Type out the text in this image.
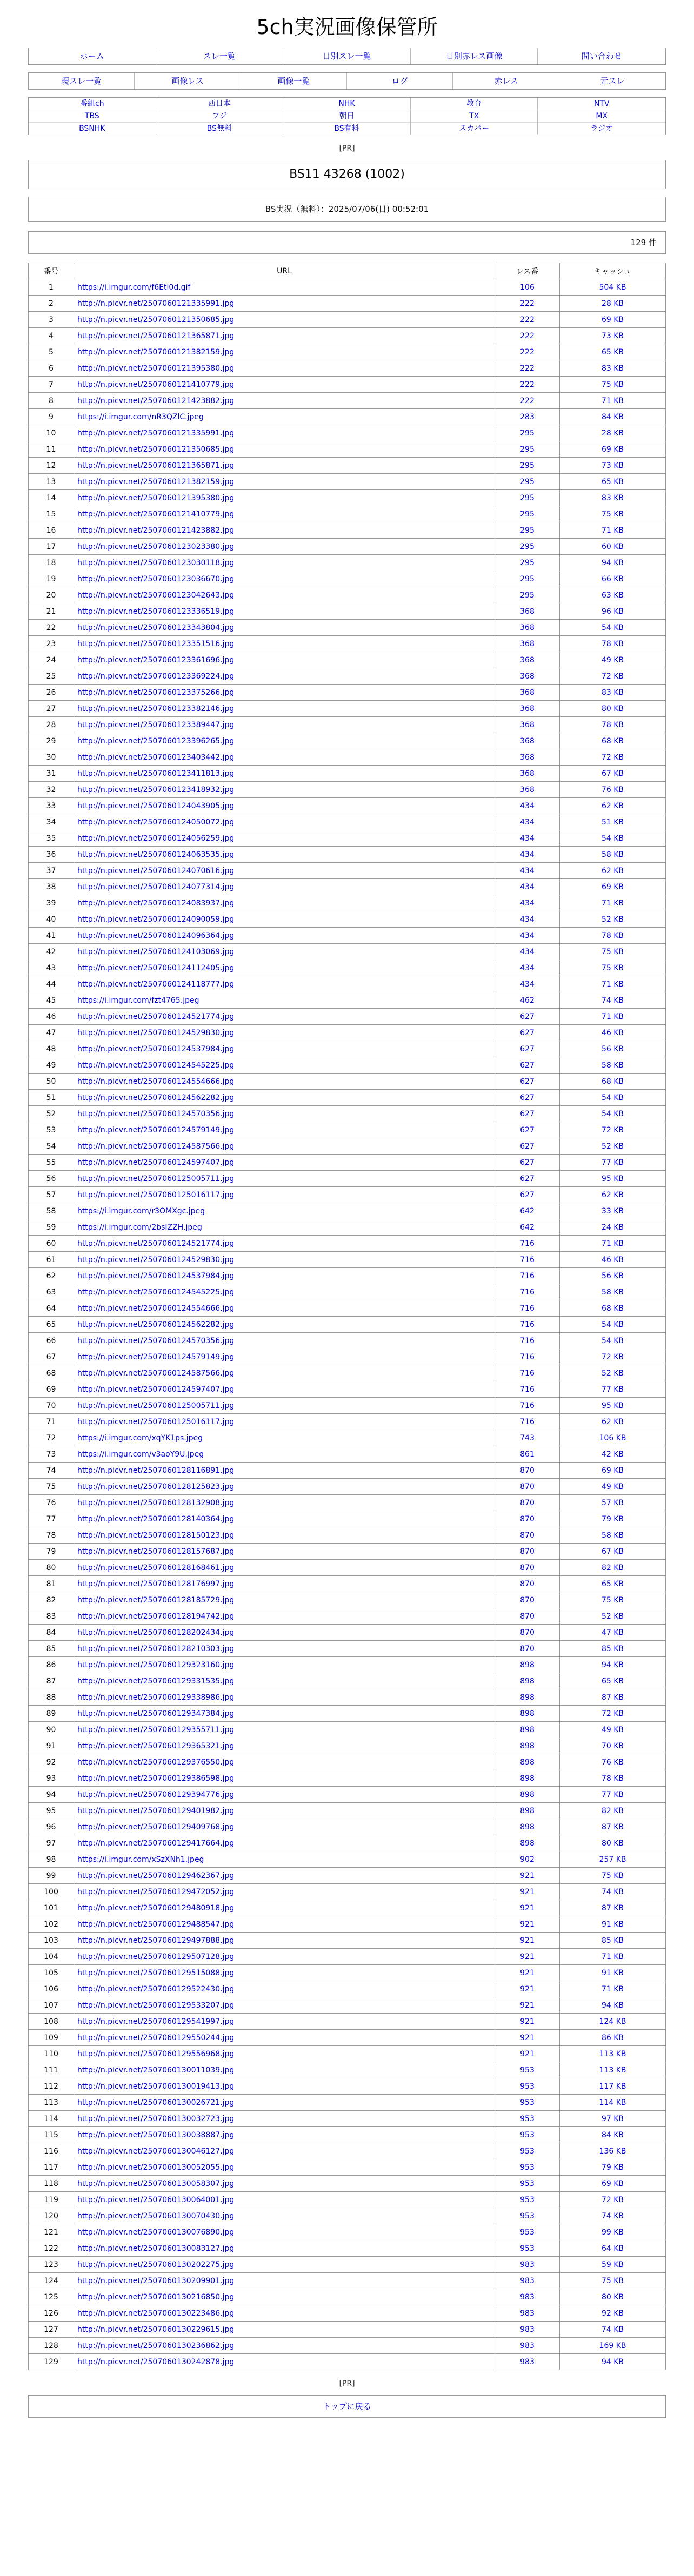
5ch実況画像保管所
ホーム	スレ一覧	日別スレ一覧	日別赤レス画像	問い合わせ
現スレ一覧	画像レス	画像一覧	ログ	赤レス	元スレ
番組ch	西日本	NHK	教育	NTV
TBS	フジ	朝日	TX	MX
BSNHK	BS無料	BS有料	スカパー	ラジオ
[PR]
BS11 43268 (1002)
BS実況（無料）：2025/07/06(日) 00:52:01
129 件
番号	URL	レス番	キャッシュ
1	https://i.imgur.com/f6Etl0d.gif	106	504 KB
2	http://n.picvr.net/2507060121335991.jpg	222	28 KB
3	http://n.picvr.net/2507060121350685.jpg	222	69 KB
4	http://n.picvr.net/2507060121365871.jpg	222	73 KB
5	http://n.picvr.net/2507060121382159.jpg	222	65 KB
6	http://n.picvr.net/2507060121395380.jpg	222	83 KB
7	http://n.picvr.net/2507060121410779.jpg	222	75 KB
8	http://n.picvr.net/2507060121423882.jpg	222	71 KB
9	https://i.imgur.com/nR3QZlC.jpeg	283	84 KB
10	http://n.picvr.net/2507060121335991.jpg	295	28 KB
11	http://n.picvr.net/2507060121350685.jpg	295	69 KB
12	http://n.picvr.net/2507060121365871.jpg	295	73 KB
13	http://n.picvr.net/2507060121382159.jpg	295	65 KB
14	http://n.picvr.net/2507060121395380.jpg	295	83 KB
15	http://n.picvr.net/2507060121410779.jpg	295	75 KB
16	http://n.picvr.net/2507060121423882.jpg	295	71 KB
17	http://n.picvr.net/2507060123023380.jpg	295	60 KB
18	http://n.picvr.net/2507060123030118.jpg	295	94 KB
19	http://n.picvr.net/2507060123036670.jpg	295	66 KB
20	http://n.picvr.net/2507060123042643.jpg	295	63 KB
21	http://n.picvr.net/2507060123336519.jpg	368	96 KB
22	http://n.picvr.net/2507060123343804.jpg	368	54 KB
23	http://n.picvr.net/2507060123351516.jpg	368	78 KB
24	http://n.picvr.net/2507060123361696.jpg	368	49 KB
25	http://n.picvr.net/2507060123369224.jpg	368	72 KB
26	http://n.picvr.net/2507060123375266.jpg	368	83 KB
27	http://n.picvr.net/2507060123382146.jpg	368	80 KB
28	http://n.picvr.net/2507060123389447.jpg	368	78 KB
29	http://n.picvr.net/2507060123396265.jpg	368	68 KB
30	http://n.picvr.net/2507060123403442.jpg	368	72 KB
31	http://n.picvr.net/2507060123411813.jpg	368	67 KB
32	http://n.picvr.net/2507060123418932.jpg	368	76 KB
33	http://n.picvr.net/2507060124043905.jpg	434	62 KB
34	http://n.picvr.net/2507060124050072.jpg	434	51 KB
35	http://n.picvr.net/2507060124056259.jpg	434	54 KB
36	http://n.picvr.net/2507060124063535.jpg	434	58 KB
37	http://n.picvr.net/2507060124070616.jpg	434	62 KB
38	http://n.picvr.net/2507060124077314.jpg	434	69 KB
39	http://n.picvr.net/2507060124083937.jpg	434	71 KB
40	http://n.picvr.net/2507060124090059.jpg	434	52 KB
41	http://n.picvr.net/2507060124096364.jpg	434	78 KB
42	http://n.picvr.net/2507060124103069.jpg	434	75 KB
43	http://n.picvr.net/2507060124112405.jpg	434	75 KB
44	http://n.picvr.net/2507060124118777.jpg	434	71 KB
45	https://i.imgur.com/fzt4765.jpeg	462	74 KB
46	http://n.picvr.net/2507060124521774.jpg	627	71 KB
47	http://n.picvr.net/2507060124529830.jpg	627	46 KB
48	http://n.picvr.net/2507060124537984.jpg	627	56 KB
49	http://n.picvr.net/2507060124545225.jpg	627	58 KB
50	http://n.picvr.net/2507060124554666.jpg	627	68 KB
51	http://n.picvr.net/2507060124562282.jpg	627	54 KB
52	http://n.picvr.net/2507060124570356.jpg	627	54 KB
53	http://n.picvr.net/2507060124579149.jpg	627	72 KB
54	http://n.picvr.net/2507060124587566.jpg	627	52 KB
55	http://n.picvr.net/2507060124597407.jpg	627	77 KB
56	http://n.picvr.net/2507060125005711.jpg	627	95 KB
57	http://n.picvr.net/2507060125016117.jpg	627	62 KB
58	https://i.imgur.com/r3OMXgc.jpeg	642	33 KB
59	https://i.imgur.com/2bsIZZH.jpeg	642	24 KB
60	http://n.picvr.net/2507060124521774.jpg	716	71 KB
61	http://n.picvr.net/2507060124529830.jpg	716	46 KB
62	http://n.picvr.net/2507060124537984.jpg	716	56 KB
63	http://n.picvr.net/2507060124545225.jpg	716	58 KB
64	http://n.picvr.net/2507060124554666.jpg	716	68 KB
65	http://n.picvr.net/2507060124562282.jpg	716	54 KB
66	http://n.picvr.net/2507060124570356.jpg	716	54 KB
67	http://n.picvr.net/2507060124579149.jpg	716	72 KB
68	http://n.picvr.net/2507060124587566.jpg	716	52 KB
69	http://n.picvr.net/2507060124597407.jpg	716	77 KB
70	http://n.picvr.net/2507060125005711.jpg	716	95 KB
71	http://n.picvr.net/2507060125016117.jpg	716	62 KB
72	https://i.imgur.com/xqYK1ps.jpeg	743	106 KB
73	https://i.imgur.com/v3aoY9U.jpeg	861	42 KB
74	http://n.picvr.net/2507060128116891.jpg	870	69 KB
75	http://n.picvr.net/2507060128125823.jpg	870	49 KB
76	http://n.picvr.net/2507060128132908.jpg	870	57 KB
77	http://n.picvr.net/2507060128140364.jpg	870	79 KB
78	http://n.picvr.net/2507060128150123.jpg	870	58 KB
79	http://n.picvr.net/2507060128157687.jpg	870	67 KB
80	http://n.picvr.net/2507060128168461.jpg	870	82 KB
81	http://n.picvr.net/2507060128176997.jpg	870	65 KB
82	http://n.picvr.net/2507060128185729.jpg	870	75 KB
83	http://n.picvr.net/2507060128194742.jpg	870	52 KB
84	http://n.picvr.net/2507060128202434.jpg	870	47 KB
85	http://n.picvr.net/2507060128210303.jpg	870	85 KB
86	http://n.picvr.net/2507060129323160.jpg	898	94 KB
87	http://n.picvr.net/2507060129331535.jpg	898	65 KB
88	http://n.picvr.net/2507060129338986.jpg	898	87 KB
89	http://n.picvr.net/2507060129347384.jpg	898	72 KB
90	http://n.picvr.net/2507060129355711.jpg	898	49 KB
91	http://n.picvr.net/2507060129365321.jpg	898	70 KB
92	http://n.picvr.net/2507060129376550.jpg	898	76 KB
93	http://n.picvr.net/2507060129386598.jpg	898	78 KB
94	http://n.picvr.net/2507060129394776.jpg	898	77 KB
95	http://n.picvr.net/2507060129401982.jpg	898	82 KB
96	http://n.picvr.net/2507060129409768.jpg	898	87 KB
97	http://n.picvr.net/2507060129417664.jpg	898	80 KB
98	https://i.imgur.com/xSzXNh1.jpeg	902	257 KB
99	http://n.picvr.net/2507060129462367.jpg	921	75 KB
100	http://n.picvr.net/2507060129472052.jpg	921	74 KB
101	http://n.picvr.net/2507060129480918.jpg	921	87 KB
102	http://n.picvr.net/2507060129488547.jpg	921	91 KB
103	http://n.picvr.net/2507060129497888.jpg	921	85 KB
104	http://n.picvr.net/2507060129507128.jpg	921	71 KB
105	http://n.picvr.net/2507060129515088.jpg	921	91 KB
106	http://n.picvr.net/2507060129522430.jpg	921	71 KB
107	http://n.picvr.net/2507060129533207.jpg	921	94 KB
108	http://n.picvr.net/2507060129541997.jpg	921	124 KB
109	http://n.picvr.net/2507060129550244.jpg	921	86 KB
110	http://n.picvr.net/2507060129556968.jpg	921	113 KB
111	http://n.picvr.net/2507060130011039.jpg	953	113 KB
112	http://n.picvr.net/2507060130019413.jpg	953	117 KB
113	http://n.picvr.net/2507060130026721.jpg	953	114 KB
114	http://n.picvr.net/2507060130032723.jpg	953	97 KB
115	http://n.picvr.net/2507060130038887.jpg	953	84 KB
116	http://n.picvr.net/2507060130046127.jpg	953	136 KB
117	http://n.picvr.net/2507060130052055.jpg	953	79 KB
118	http://n.picvr.net/2507060130058307.jpg	953	69 KB
119	http://n.picvr.net/2507060130064001.jpg	953	72 KB
120	http://n.picvr.net/2507060130070430.jpg	953	74 KB
121	http://n.picvr.net/2507060130076890.jpg	953	99 KB
122	http://n.picvr.net/2507060130083127.jpg	953	64 KB
123	http://n.picvr.net/2507060130202275.jpg	983	59 KB
124	http://n.picvr.net/2507060130209901.jpg	983	75 KB
125	http://n.picvr.net/2507060130216850.jpg	983	80 KB
126	http://n.picvr.net/2507060130223486.jpg	983	92 KB
127	http://n.picvr.net/2507060130229615.jpg	983	74 KB
128	http://n.picvr.net/2507060130236862.jpg	983	169 KB
129	http://n.picvr.net/2507060130242878.jpg	983	94 KB
[PR]
トップに戻る
